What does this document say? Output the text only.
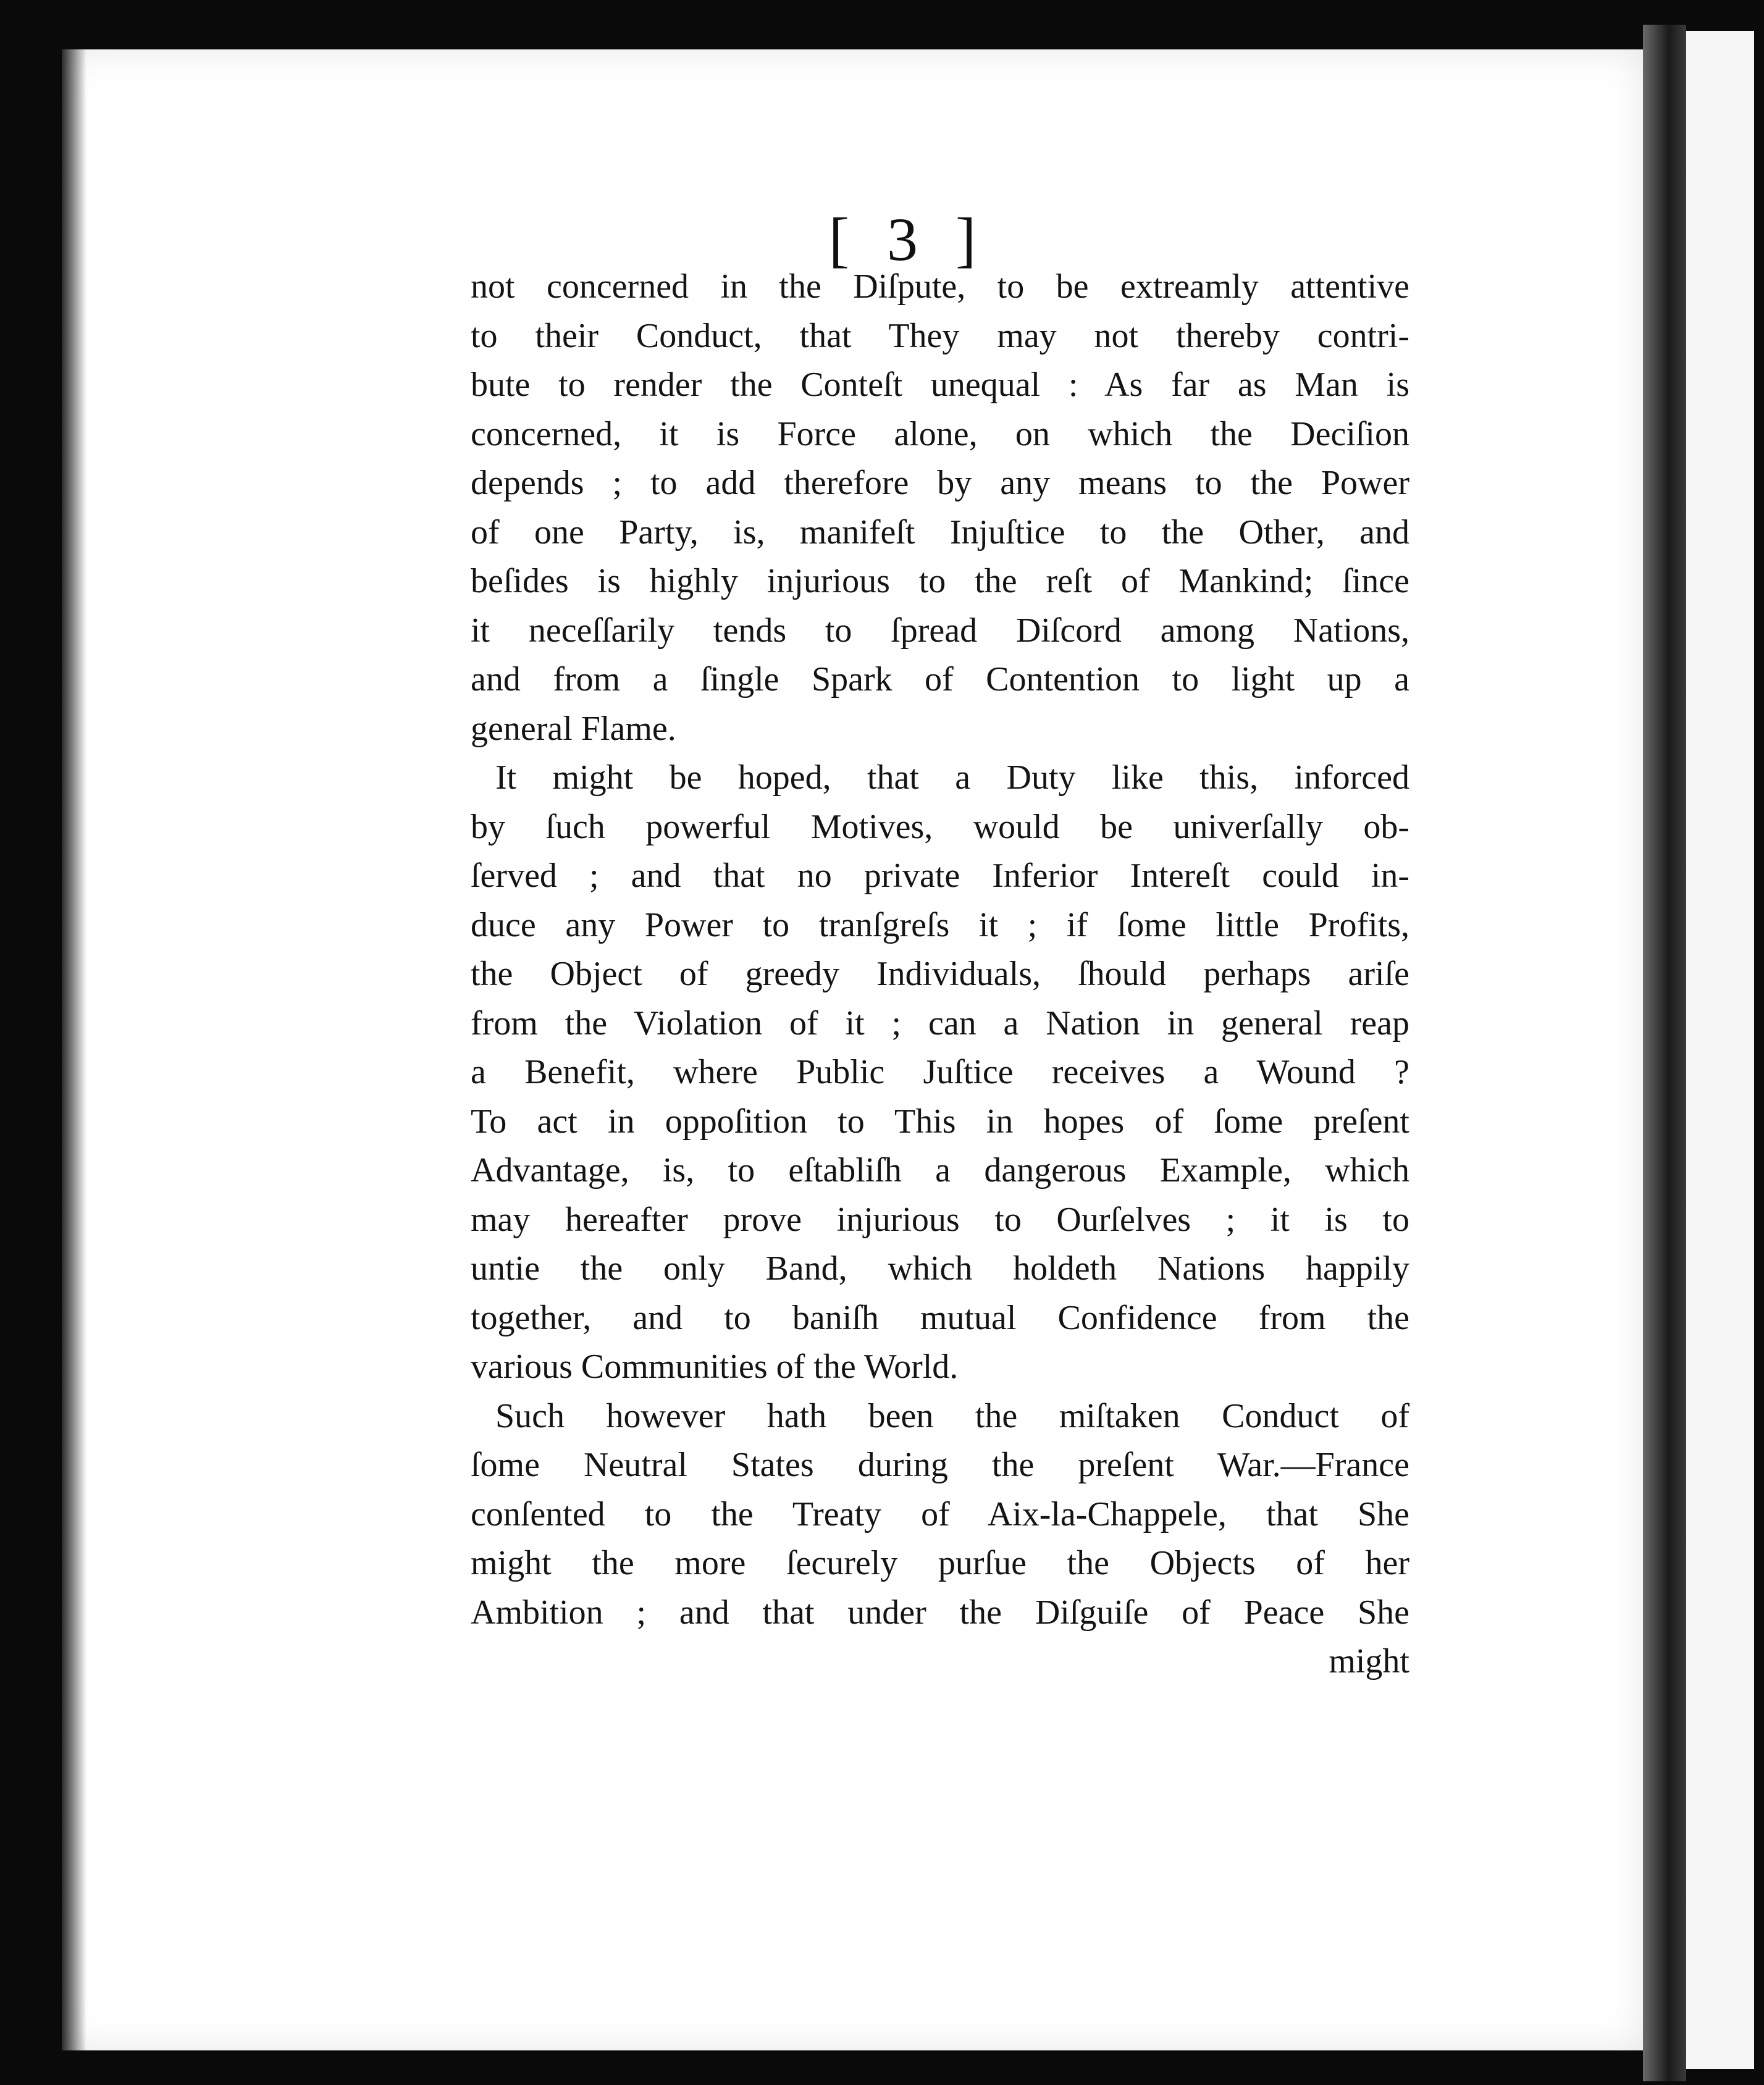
[ 3 ]
not concerned in the Diſpute, to be extreamly attentive
to their Conduct, that They may not thereby contri-
bute to render the Conteſt unequal : As far as Man is
concerned, it is Force alone, on which the Deciſion
depends ; to add therefore by any means to the Power
of one Party, is, manifeſt Injuſtice to the Other, and
beſides is highly injurious to the reſt of Mankind; ſince
it neceſſarily tends to ſpread Diſcord among Nations,
and from a ſingle Spark of Contention to light up a
general Flame.
It might be hoped, that a Duty like this, inforced
by ſuch powerful Motives, would be univerſally ob-
ſerved ; and that no private Inferior Intereſt could in-
duce any Power to tranſgreſs it ; if ſome little Profits,
the Object of greedy Individuals, ſhould perhaps ariſe
from the Violation of it ; can a Nation in general reap
a Benefit, where Public Juſtice receives a Wound ?
To act in oppoſition to This in hopes of ſome preſent
Advantage, is, to eſtabliſh a dangerous Example, which
may hereafter prove injurious to Ourſelves ; it is to
untie the only Band, which holdeth Nations happily
together, and to baniſh mutual Confidence from the
various Communities of the World.
Such however hath been the miſtaken Conduct of
ſome Neutral States during the preſent War.—France
conſented to the Treaty of Aix-la-Chappele, that She
might the more ſecurely purſue the Objects of her
Ambition ; and that under the Diſguiſe of Peace She
might
